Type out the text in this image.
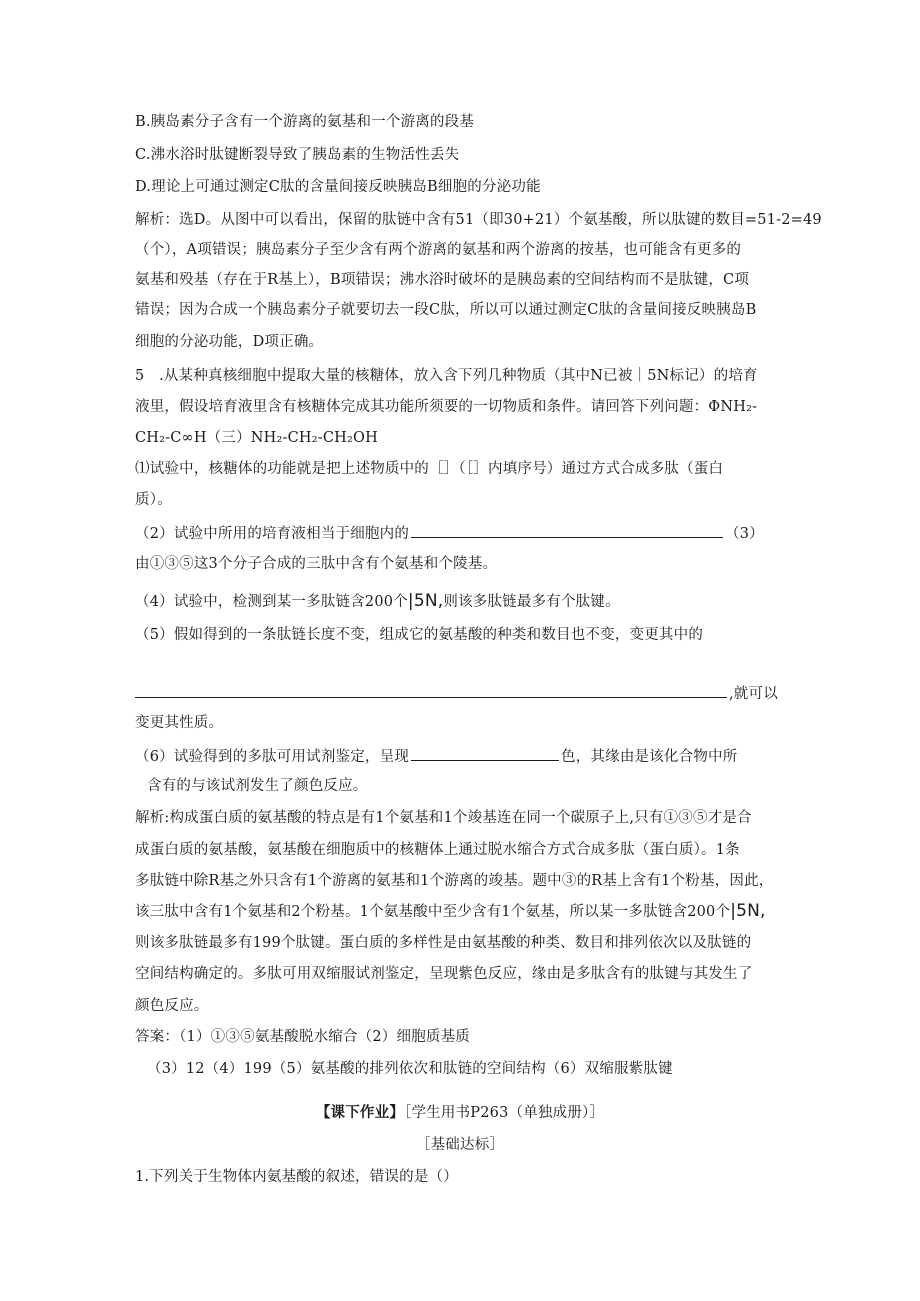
B.胰岛素分子含有一个游离的氨基和一个游离的段基
C.沸水浴时肽键断裂导致了胰岛素的生物活性丢失
D.理论上可通过测定C肽的含量间接反映胰岛B细胞的分泌功能
解析：选D。从图中可以看出，保留的肽链中含有51（即30+21）个氨基酸，所以肽键的数目=51-2=49
（个），A项错误；胰岛素分子至少含有两个游离的氨基和两个游离的按基，也可能含有更多的
氨基和殁基（存在于R基上），B项错误；沸水浴时破坏的是胰岛素的空间结构而不是肽键，C项
错误；因为合成一个胰岛素分子就要切去一段C肽，所以可以通过测定C肽的含量间接反映胰岛B
细胞的分泌功能，D项正确。
5　.从某种真核细胞中提取大量的核糖体，放入含下列几种物质（其中N已被｜5N标记）的培育
液里，假设培育液里含有核糖体完成其功能所须要的一切物质和条件。请回答下列问题：ΦNH₂-
CH₂-C∞H（三）NH₂-CH₂-CH₂OH
⑴试验中，核糖体的功能就是把上述物质中的［］（［］内填序号）通过方式合成多肽（蛋白
质）。
（2）试验中所用的培育液相当于细胞内的	（3）
由①③⑤这3个分子合成的三肽中含有个氨基和个陵基。
（4）试验中，检测到某一多肽链含200个|5N,则该多肽链最多有个肽键。
（5）假如得到的一条肽链长度不变，组成它的氨基酸的种类和数目也不变，变更其中的
,就可以
变更其性质。
（6）试验得到的多肽可用试剂鉴定，呈现	色，其缘由是该化合物中所
含有的与该试剂发生了颜色反应。
解析:构成蛋白质的氨基酸的特点是有1个氨基和1个竣基连在同一个碳原子上,只有①③⑤才是合
成蛋白质的氨基酸，氨基酸在细胞质中的核糖体上通过脱水缩合方式合成多肽（蛋白质）。1条
多肽链中除R基之外只含有1个游离的氨基和1个游离的竣基。题中③的R基上含有1个粉基，因此，
该三肽中含有1个氨基和2个粉基。1个氨基酸中至少含有1个氨基，所以某一多肽链含200个|5N,
则该多肽链最多有199个肽键。蛋白质的多样性是由氨基酸的种类、数目和排列依次以及肽链的
空间结构确定的。多肽可用双缩服试剂鉴定，呈现紫色反应，缘由是多肽含有的肽键与其发生了
颜色反应。
答案：（1）①③⑤氨基酸脱水缩合（2）细胞质基质
（3）12（4）199（5）氨基酸的排列依次和肽链的空间结构（6）双缩服紫肽键
【课下作业】［学生用书P263（单独成册）］
［基础达标］
1.下列关于生物体内氨基酸的叙述，错误的是（）
